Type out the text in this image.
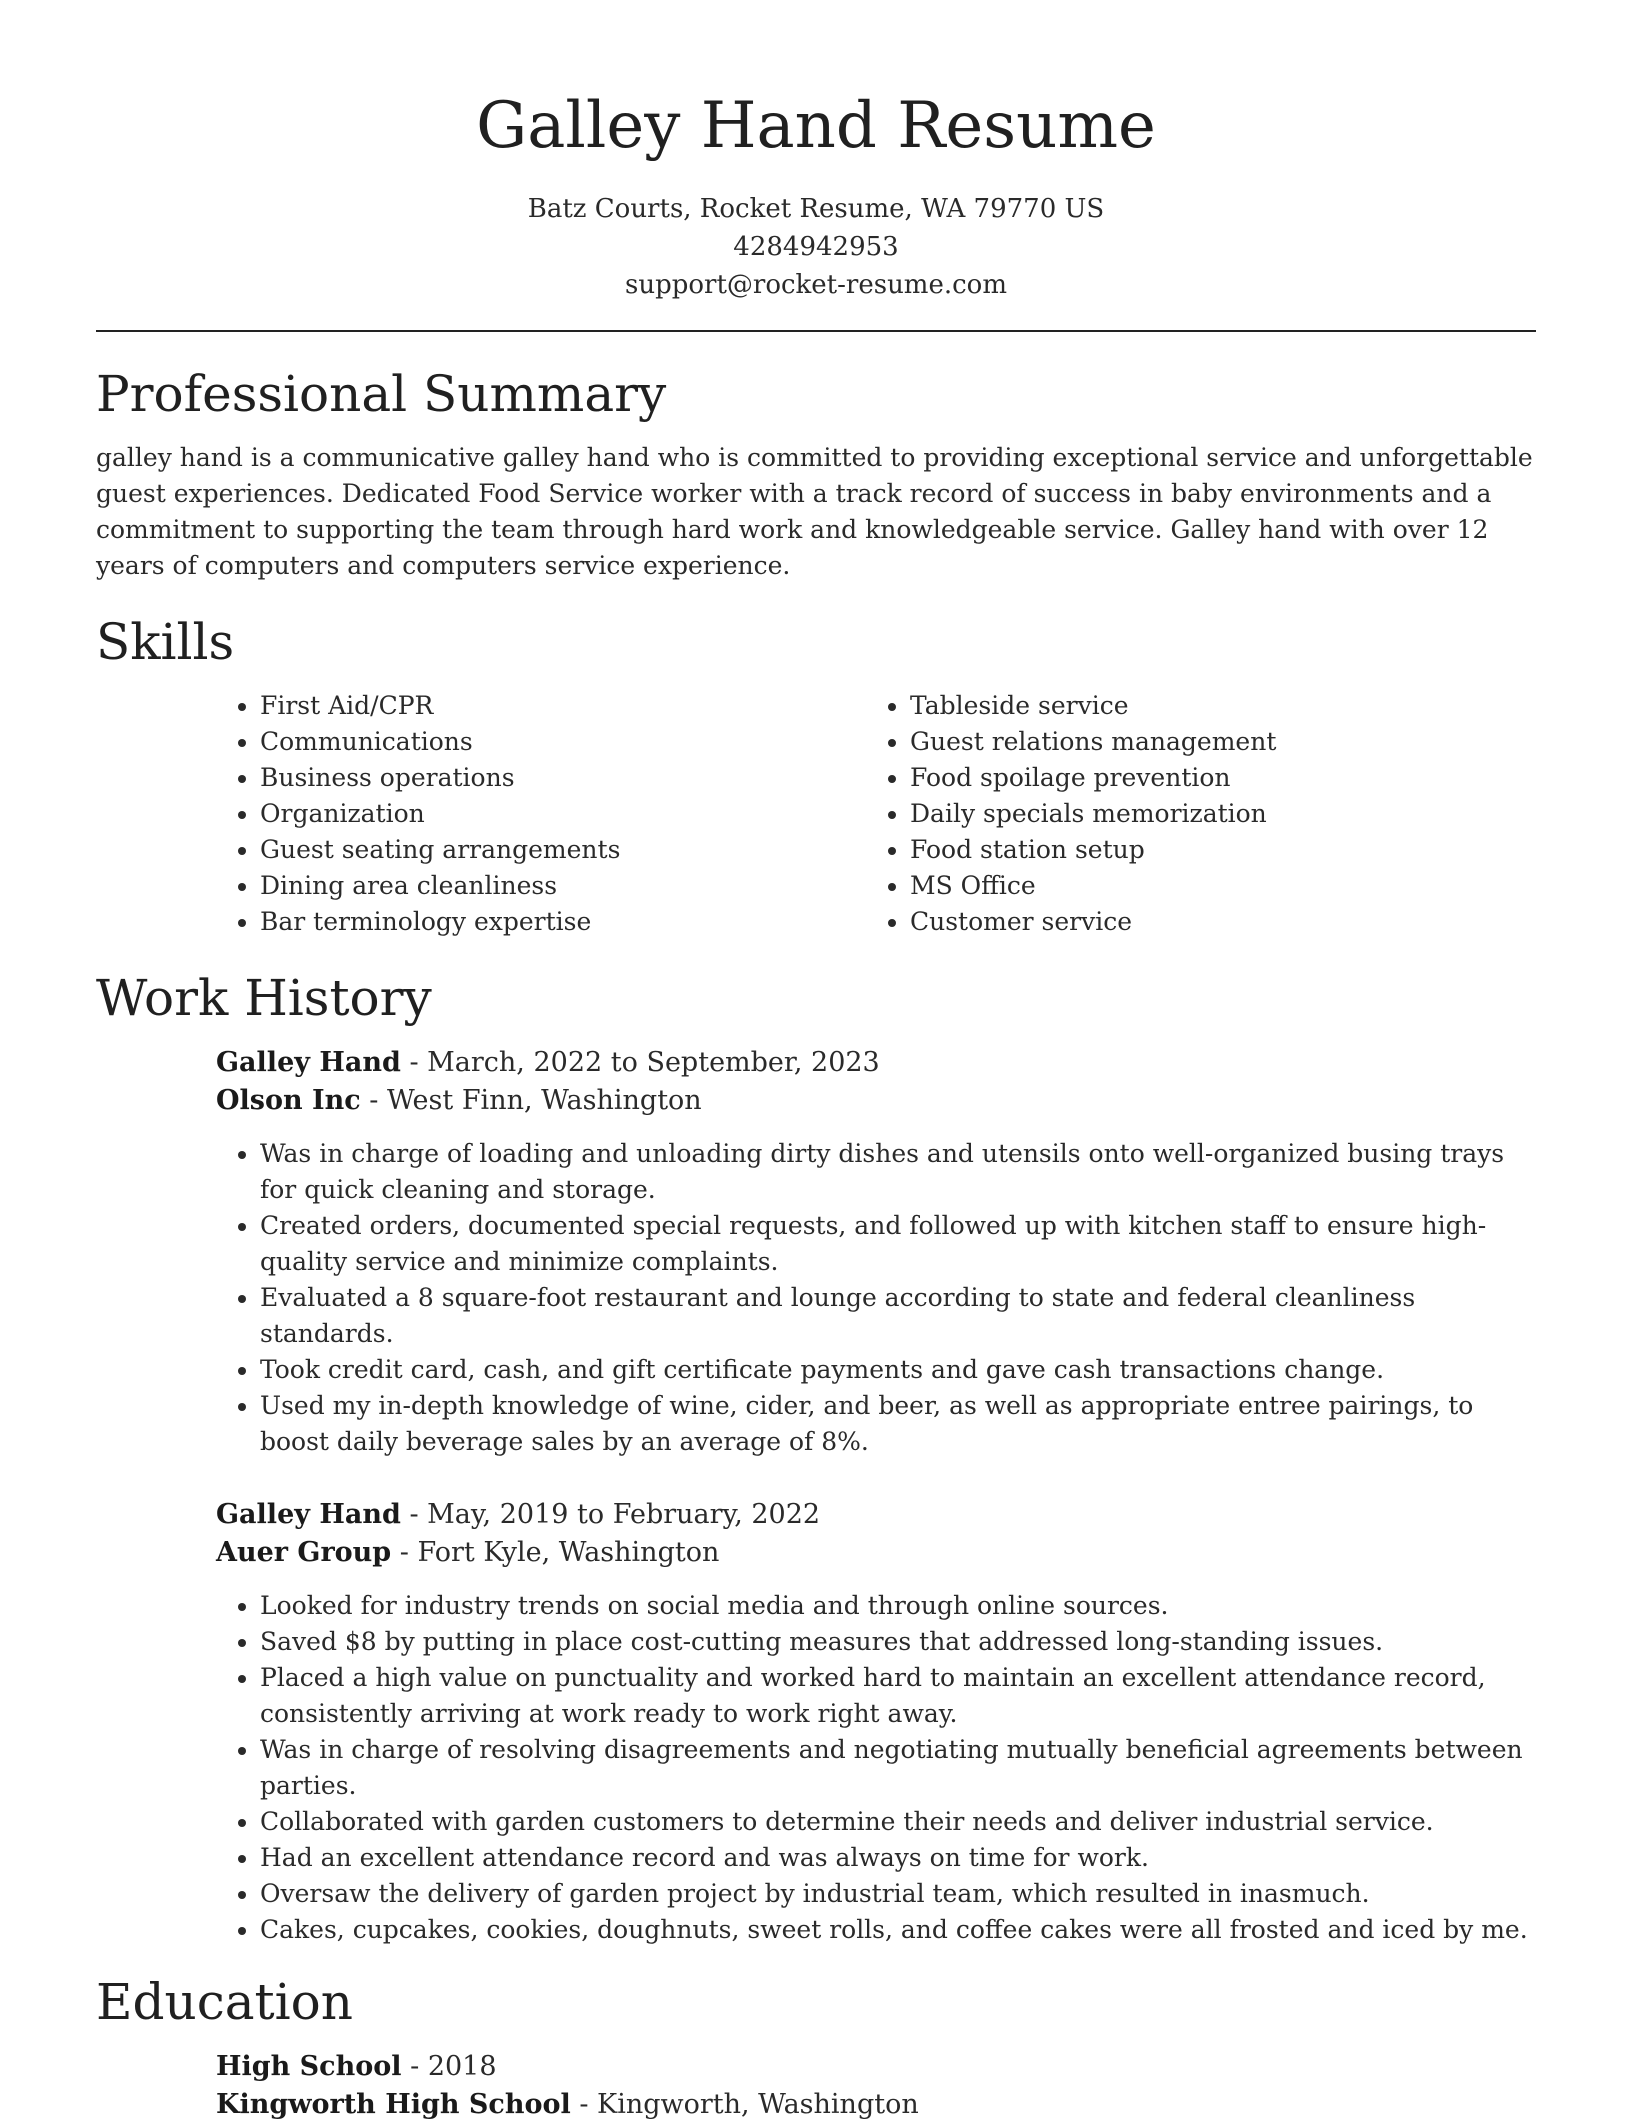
Galley Hand Resume
Batz Courts, Rocket Resume, WA 79770 US
4284942953
support@rocket-resume.com
Professional Summary

galley hand is a communicative galley hand who is committed to providing exceptional service and unforgettable guest experiences. Dedicated Food Service worker with a track record of success in baby environments and a commitment to supporting the team through hard work and knowledgeable service. Galley hand with over 12 years of computers and computers service experience.

Skills
• First Aid/CPR
• Communications
• Business operations
• Organization
• Guest seating arrangements
• Dining area cleanliness
• Bar terminology expertise
• Tableside service
• Guest relations management
• Food spoilage prevention
• Daily specials memorization
• Food station setup
• MS Office
• Customer service
Work History
Galley Hand - March, 2022 to September, 2023
Olson Inc - West Finn, Washington
• Was in charge of loading and unloading dirty dishes and utensils onto well-organized busing trays for quick cleaning and storage.
• Created orders, documented special requests, and followed up with kitchen staff to ensure high-quality service and minimize complaints.
• Evaluated a 8 square-foot restaurant and lounge according to state and federal cleanliness standards.
• Took credit card, cash, and gift certificate payments and gave cash transactions change.
• Used my in-depth knowledge of wine, cider, and beer, as well as appropriate entree pairings, to boost daily beverage sales by an average of 8%.
Galley Hand - May, 2019 to February, 2022
Auer Group - Fort Kyle, Washington
• Looked for industry trends on social media and through online sources.
• Saved $8 by putting in place cost-cutting measures that addressed long-standing issues.
• Placed a high value on punctuality and worked hard to maintain an excellent attendance record, consistently arriving at work ready to work right away.
• Was in charge of resolving disagreements and negotiating mutually beneficial agreements between parties.
• Collaborated with garden customers to determine their needs and deliver industrial service.
• Had an excellent attendance record and was always on time for work.
• Oversaw the delivery of garden project by industrial team, which resulted in inasmuch.
• Cakes, cupcakes, cookies, doughnuts, sweet rolls, and coffee cakes were all frosted and iced by me.
Education
High School - 2018
Kingworth High School - Kingworth, Washington
